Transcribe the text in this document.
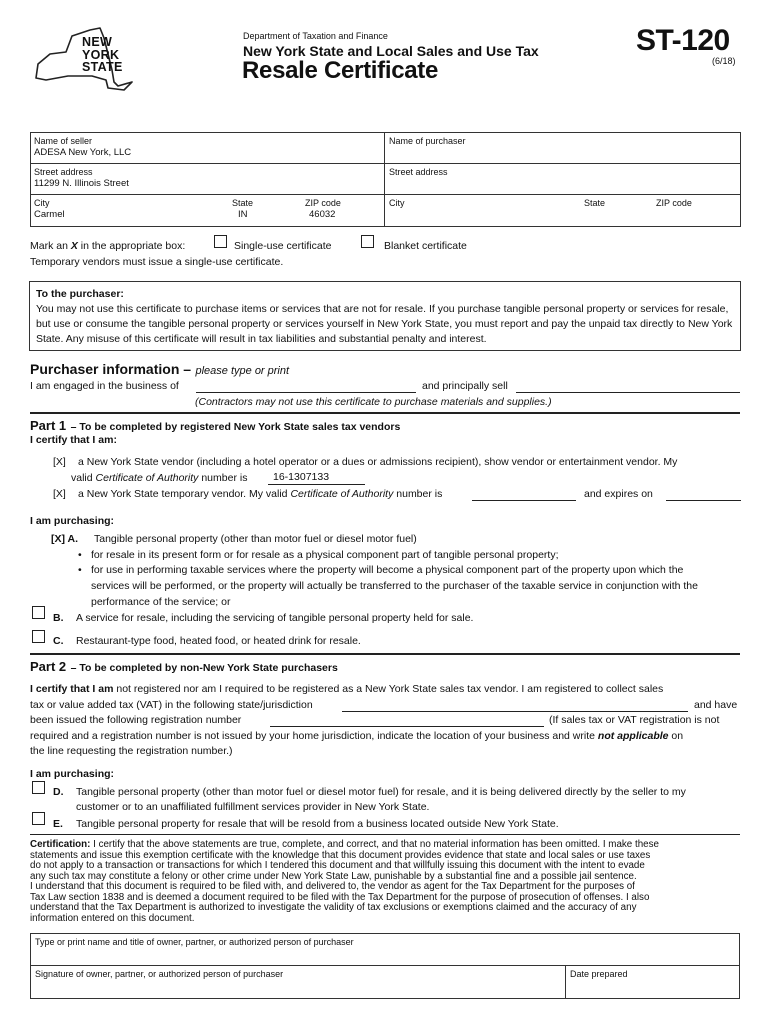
NEW
YORK
STATE
Department of Taxation and Finance
New York State and Local Sales and Use Tax
Resale Certificate
ST-120
(6/18)
Name of seller
ADESA New York, LLC
Street address
11299 N. Illinois Street
City
Carmel
State
IN
ZIP code
46032
Name of purchaser
Street address
City	State	ZIP code
Mark an X in the appropriate box:	Single-use certificate	Blanket certificate
Temporary vendors must issue a single-use certificate.
To the purchaser:
You may not use this certificate to purchase items or services that are not for resale. If you purchase tangible personal property or services for resale, but use or consume the tangible personal property or services yourself in New York State, you must report and pay the unpaid tax directly to New York State. Any misuse of this certificate will result in tax liabilities and substantial penalty and interest.
Purchaser information – please type or print
I am engaged in the business of	and principally sell
(Contractors may not use this certificate to purchase materials and supplies.)
Part 1 – To be completed by registered New York State sales tax vendors
I certify that I am:
[X] a New York State vendor (including a hotel operator or a dues or admissions recipient), show vendor or entertainment vendor. My
valid Certificate of Authority number is	16-1307133
[X] a New York State temporary vendor. My valid Certificate of Authority number is	and expires on
I am purchasing:
[X] A. Tangible personal property (other than motor fuel or diesel motor fuel)
• for resale in its present form or for resale as a physical component part of tangible personal property;
• for use in performing taxable services where the property will become a physical component part of the property upon which the
services will be performed, or the property will actually be transferred to the purchaser of the taxable service in conjunction with the
performance of the service; or
B. A service for resale, including the servicing of tangible personal property held for sale.
C. Restaurant-type food, heated food, or heated drink for resale.
Part 2 – To be completed by non-New York State purchasers
I certify that I am not registered nor am I required to be registered as a New York State sales tax vendor. I am registered to collect sales
tax or value added tax (VAT) in the following state/jurisdiction	and have
been issued the following registration number	(If sales tax or VAT registration is not
required and a registration number is not issued by your home jurisdiction, indicate the location of your business and write not applicable on
the line requesting the registration number.)
I am purchasing:
D. Tangible personal property (other than motor fuel or diesel motor fuel) for resale, and it is being delivered directly by the seller to my
customer or to an unaffiliated fulfillment services provider in New York State.
E. Tangible personal property for resale that will be resold from a business located outside New York State.
Certification: I certify that the above statements are true, complete, and correct, and that no material information has been omitted. I make these
statements and issue this exemption certificate with the knowledge that this document provides evidence that state and local sales or use taxes
do not apply to a transaction or transactions for which I tendered this document and that willfully issuing this document with the intent to evade
any such tax may constitute a felony or other crime under New York State Law, punishable by a substantial fine and a possible jail sentence.
I understand that this document is required to be filed with, and delivered to, the vendor as agent for the Tax Department for the purposes of
Tax Law section 1838 and is deemed a document required to be filed with the Tax Department for the purpose of prosecution of offenses. I also
understand that the Tax Department is authorized to investigate the validity of tax exclusions or exemptions claimed and the accuracy of any
information entered on this document.
Type or print name and title of owner, partner, or authorized person of purchaser
Signature of owner, partner, or authorized person of purchaser	Date prepared
